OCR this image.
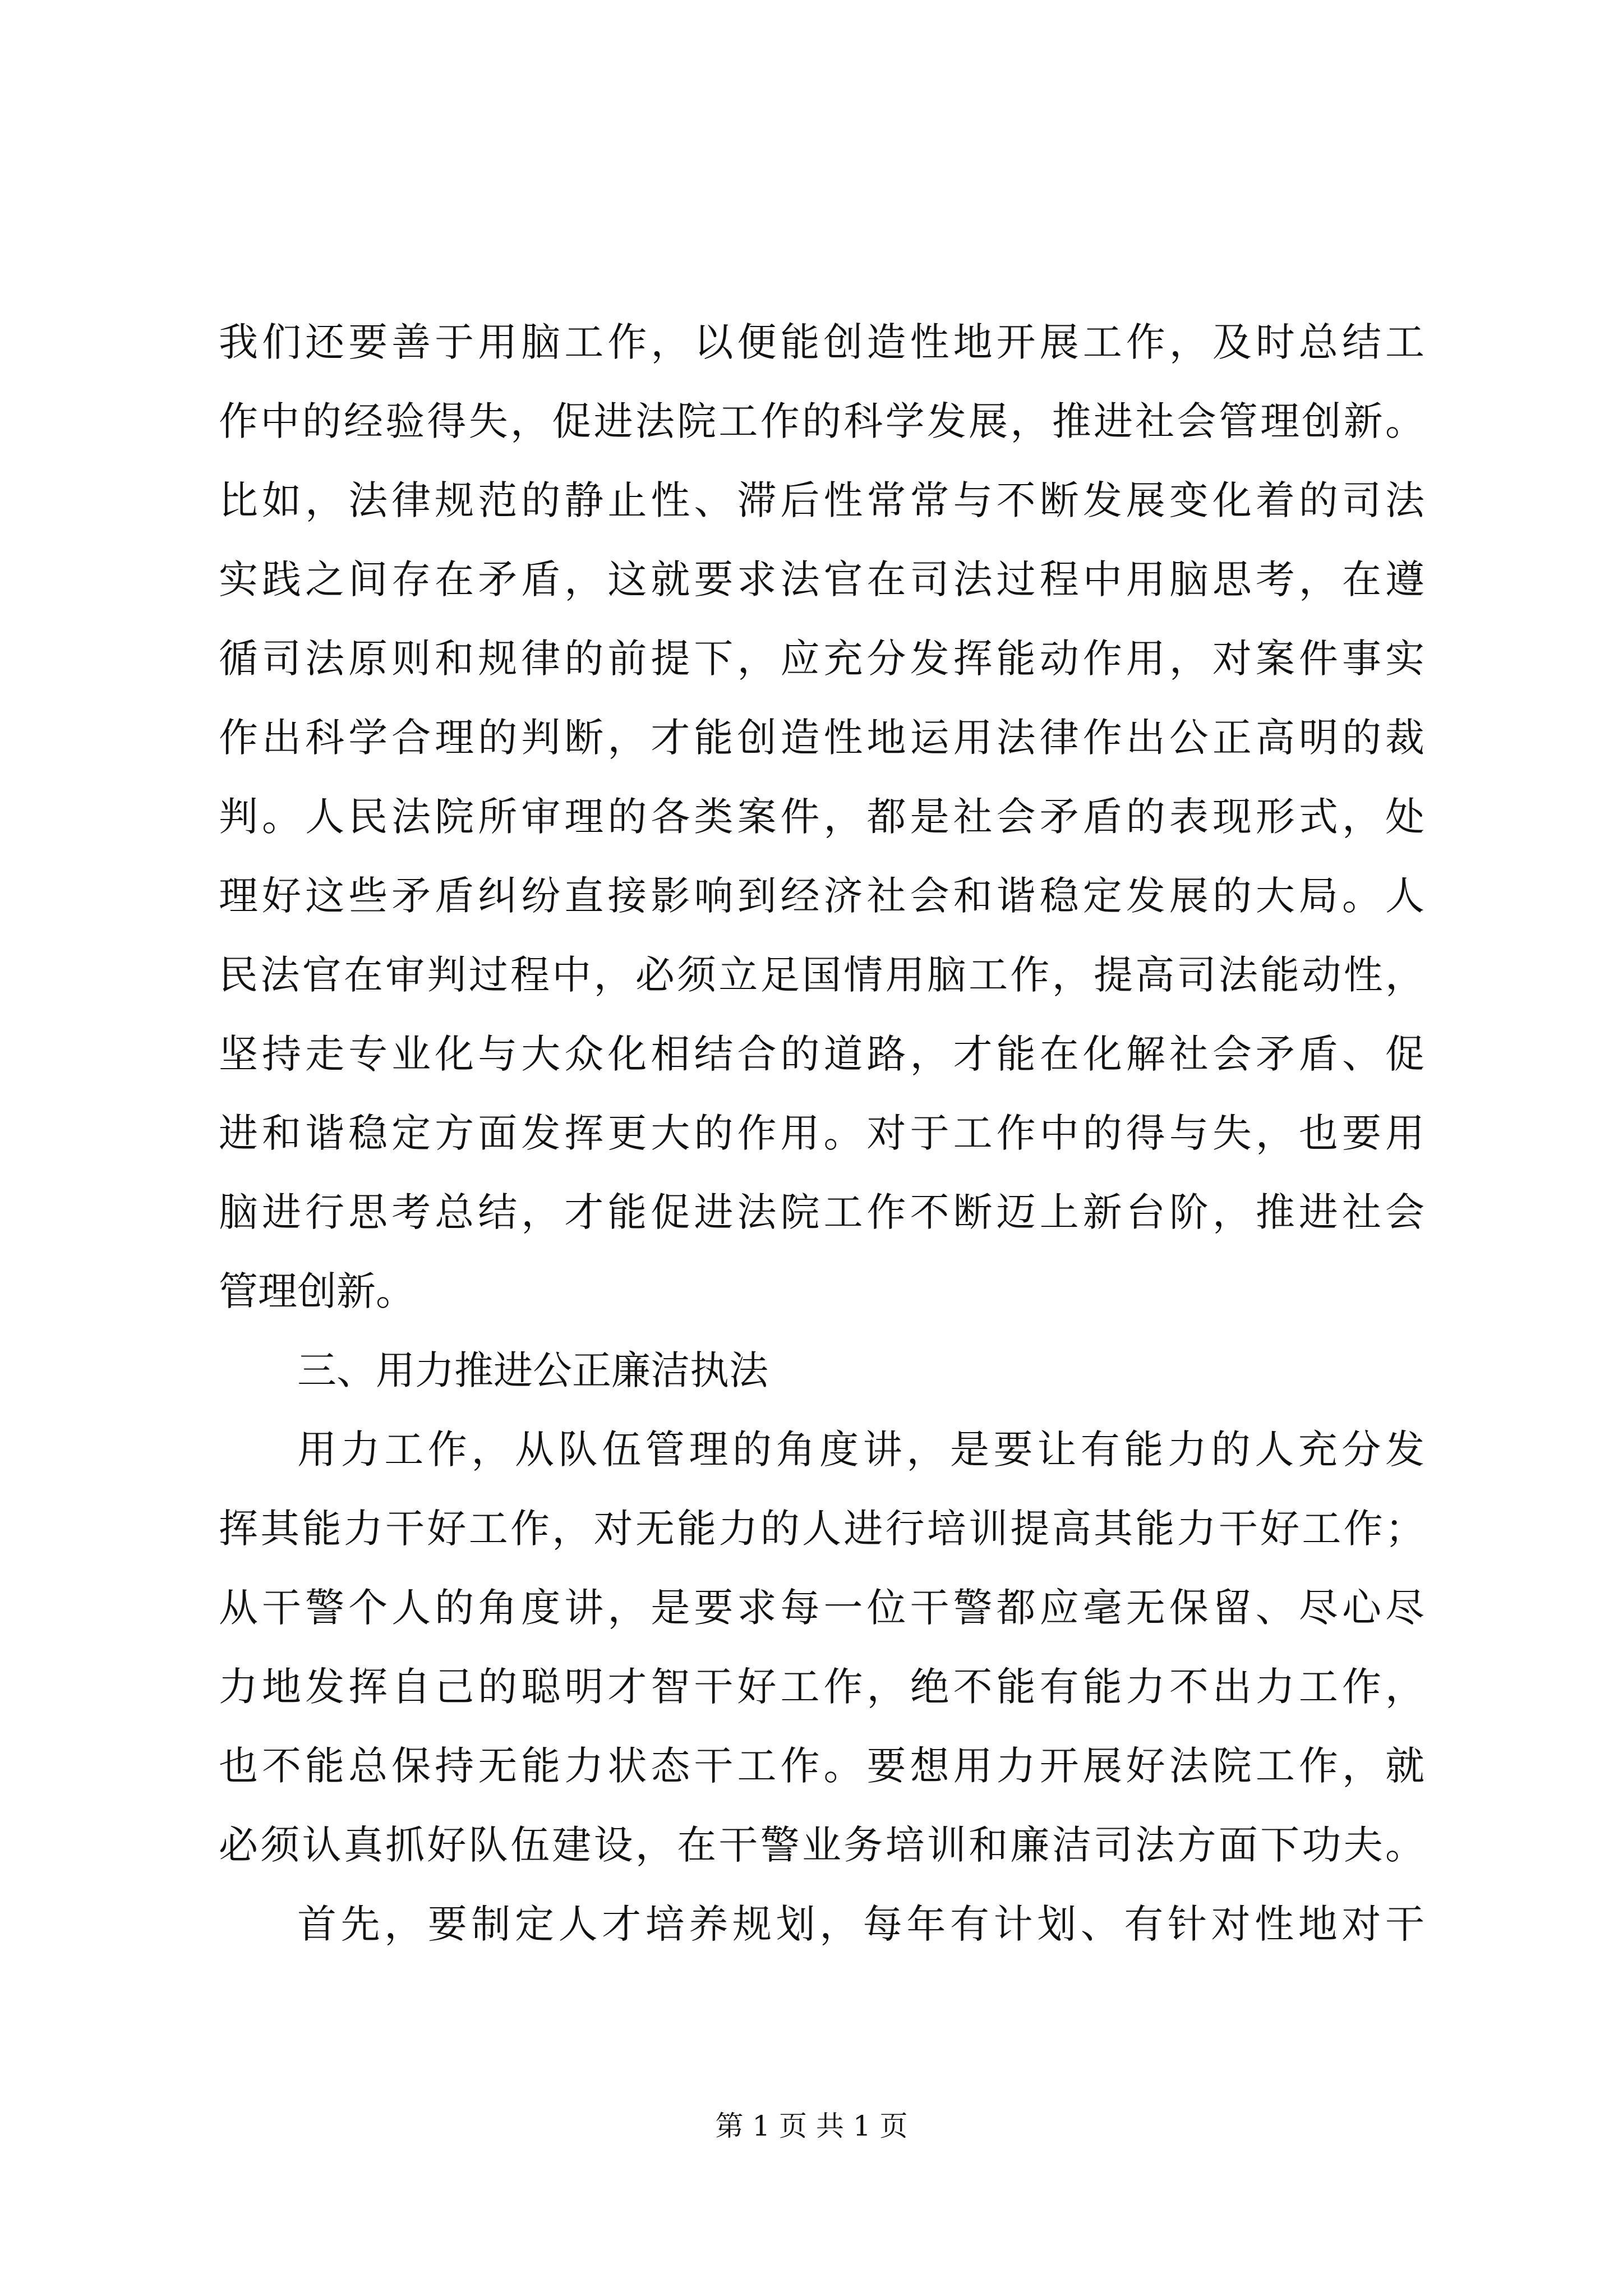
我们还要善于用脑工作，以便能创造性地开展工作，及时总结工
作中的经验得失，促进法院工作的科学发展，推进社会管理创新。
比如，法律规范的静止性、滞后性常常与不断发展变化着的司法
实践之间存在矛盾，这就要求法官在司法过程中用脑思考，在遵
循司法原则和规律的前提下，应充分发挥能动作用，对案件事实
作出科学合理的判断，才能创造性地运用法律作出公正高明的裁
判。人民法院所审理的各类案件，都是社会矛盾的表现形式，处
理好这些矛盾纠纷直接影响到经济社会和谐稳定发展的大局。人
民法官在审判过程中，必须立足国情用脑工作，提高司法能动性，
坚持走专业化与大众化相结合的道路，才能在化解社会矛盾、促
进和谐稳定方面发挥更大的作用。对于工作中的得与失，也要用
脑进行思考总结，才能促进法院工作不断迈上新台阶，推进社会
管理创新。
三、用力推进公正廉洁执法
用力工作，从队伍管理的角度讲，是要让有能力的人充分发
挥其能力干好工作，对无能力的人进行培训提高其能力干好工作；
从干警个人的角度讲，是要求每一位干警都应毫无保留、尽心尽
力地发挥自己的聪明才智干好工作，绝不能有能力不出力工作，
也不能总保持无能力状态干工作。要想用力开展好法院工作，就
必须认真抓好队伍建设，在干警业务培训和廉洁司法方面下功夫。
首先，要制定人才培养规划，每年有计划、有针对性地对干
第 1 页 共 1 页
